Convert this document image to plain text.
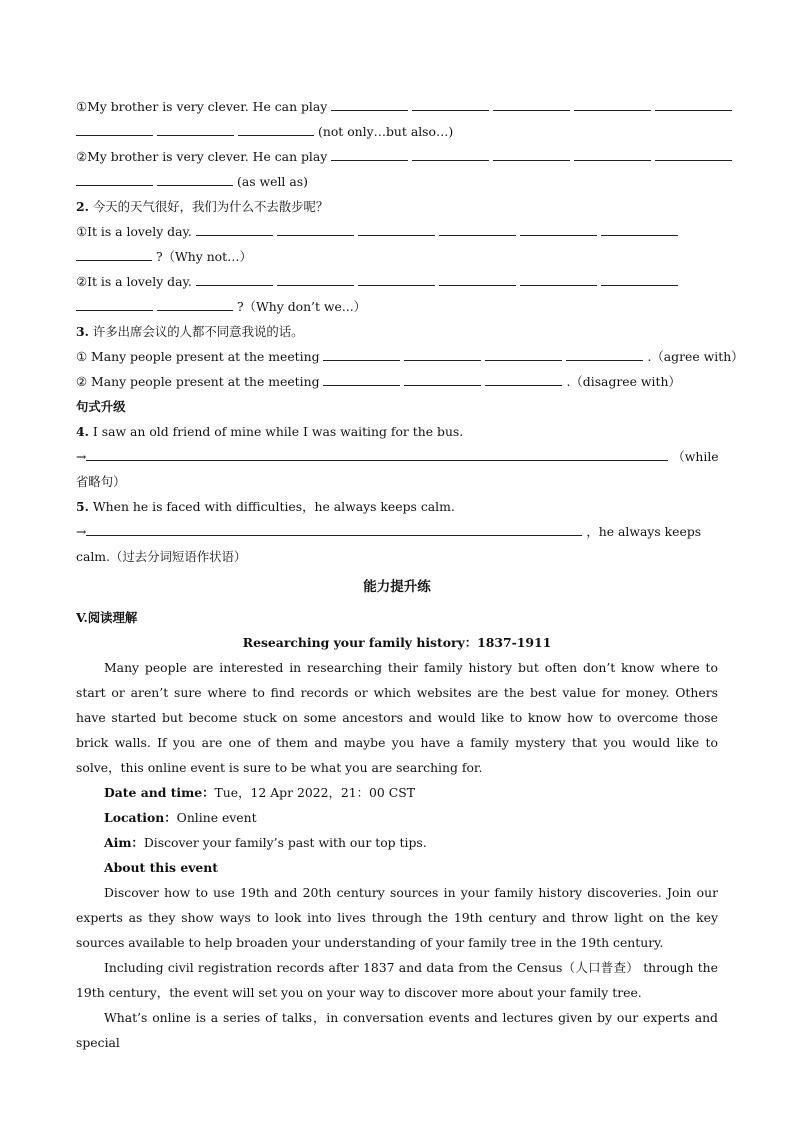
①My brother is very clever. He can play
(not only…but also…)
②My brother is very clever. He can play
(as well as)
2. 今天的天气很好，我们为什么不去散步呢？
①It is a lovely day.
?（Why not…）
②It is a lovely day.
?（Why don’t we...）
3. 许多出席会议的人都不同意我说的话。
① Many people present at the meeting	.（agree with）
② Many people present at the meeting	.（disagree with）
句式升级
4. I saw an old friend of mine while I was waiting for the bus.
→	（while
省略句）
5. When he is faced with difficulties，he always keeps calm.
→	，he always keeps
calm.（过去分词短语作状语）
能力提升练
V.阅读理解
Researching your family history：1837-1911
Many people are interested in researching their family history but often don’t know where to start or aren’t sure where to find records or which websites are the best value for money. Others have started but become stuck on some ancestors and would like to know how to overcome those brick walls. If you are one of them and maybe you have a family mystery that you would like to solve，this online event is sure to be what you are searching for.
Date and time：Tue，12 Apr 2022，21：00 CST
Location：Online event
Aim：Discover your family’s past with our top tips.
About this event
Discover how to use 19th and 20th century sources in your family history discoveries. Join our experts as they show ways to look into lives through the 19th century and throw light on the key sources available to help broaden your understanding of your family tree in the 19th century.
Including civil registration records after 1837 and data from the Census（人口普查） through the 19th century，the event will set you on your way to discover more about your family tree.
What’s online is a series of talks，in conversation events and lectures given by our experts and special
